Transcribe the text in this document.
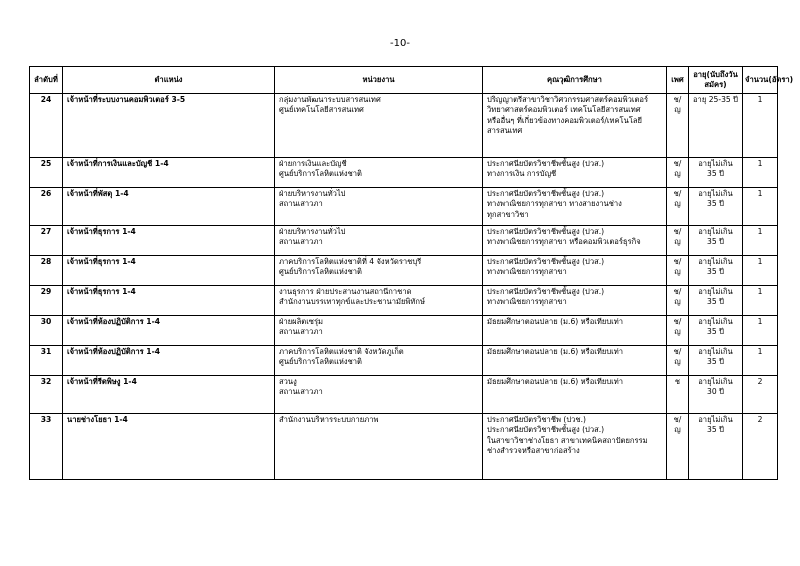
-10-
ลำดับที่	ตำแหน่ง	หน่วยงาน	คุณวุฒิการศึกษา	เพศ	อายุ(นับถึงวันสมัคร)	จำนวน(อัตรา)
24	เจ้าหน้าที่ระบบงานคอมพิวเตอร์ 3-5	กลุ่มงานพัฒนาระบบสารสนเทศ
ศูนย์เทคโนโลยีสารสนเทศ	ปริญญาตรีสาขาวิชาวิศวกรรมศาสตร์คอมพิวเตอร์
วิทยาศาสตร์คอมพิวเตอร์ เทคโนโลยีสารสนเทศ
หรืออื่นๆ ที่เกี่ยวข้องทางคอมพิวเตอร์/เทคโนโลยี
สารสนเทศ	ช/ญ	อายุ 25-35 ปี	1
25	เจ้าหน้าที่การเงินและบัญชี 1-4	ฝ่ายการเงินและบัญชี
ศูนย์บริการโลหิตแห่งชาติ	ประกาศนียบัตรวิชาชีพชั้นสูง (ปวส.)
ทางการเงิน การบัญชี	ช/ญ	อายุไม่เกิน 35 ปี	1
26	เจ้าหน้าที่พัสดุ 1-4	ฝ่ายบริหารงานทั่วไป
สถานเสาวภา	ประกาศนียบัตรวิชาชีพชั้นสูง (ปวส.)
ทางพาณิชยการทุกสาขา ทางสายงานช่าง
ทุกสาขาวิชา	ช/ญ	อายุไม่เกิน 35 ปี	1
27	เจ้าหน้าที่ธุรการ 1-4	ฝ่ายบริหารงานทั่วไป
สถานเสาวภา	ประกาศนียบัตรวิชาชีพชั้นสูง (ปวส.)
ทางพาณิชยการทุกสาขา หรือคอมพิวเตอร์ธุรกิจ	ช/ญ	อายุไม่เกิน 35 ปี	1
28	เจ้าหน้าที่ธุรการ 1-4	ภาคบริการโลหิตแห่งชาติที่ 4 จังหวัดราชบุรี
ศูนย์บริการโลหิตแห่งชาติ	ประกาศนียบัตรวิชาชีพชั้นสูง (ปวส.)
ทางพาณิชยการทุกสาขา	ช/ญ	อายุไม่เกิน 35 ปี	1
29	เจ้าหน้าที่ธุรการ 1-4	งานธุรการ ฝ่ายประสานงานสถานีกาชาด
สำนักงานบรรเทาทุกข์และประชานามัยพิทักษ์	ประกาศนียบัตรวิชาชีพชั้นสูง (ปวส.)
ทางพาณิชยการทุกสาขา	ช/ญ	อายุไม่เกิน 35 ปี	1
30	เจ้าหน้าที่ห้องปฏิบัติการ 1-4	ฝ่ายผลิตเซรุ่ม
สถานเสาวภา	มัธยมศึกษาตอนปลาย (ม.6) หรือเทียบเท่า	ช/ญ	อายุไม่เกิน 35 ปี	1
31	เจ้าหน้าที่ห้องปฏิบัติการ 1-4	ภาคบริการโลหิตแห่งชาติ จังหวัดภูเก็ต
ศูนย์บริการโลหิตแห่งชาติ	มัธยมศึกษาตอนปลาย (ม.6) หรือเทียบเท่า	ช/ญ	อายุไม่เกิน 35 ปี	1
32	เจ้าหน้าที่รีดพิษงู 1-4	สวนงู
สถานเสาวภา	มัธยมศึกษาตอนปลาย (ม.6) หรือเทียบเท่า	ช	อายุไม่เกิน 30 ปี	2
33	นายช่างโยธา 1-4	สำนักงานบริหารระบบกายภาพ	ประกาศนียบัตรวิชาชีพ (ปวช.)
ประกาศนียบัตรวิชาชีพชั้นสูง (ปวส.)
ในสาขาวิชาช่างโยธา สาขาเทคนิคสถาปัตยกรรม
ช่างสำรวจหรือสาขาก่อสร้าง	ช/ญ	อายุไม่เกิน 35 ปี	2
